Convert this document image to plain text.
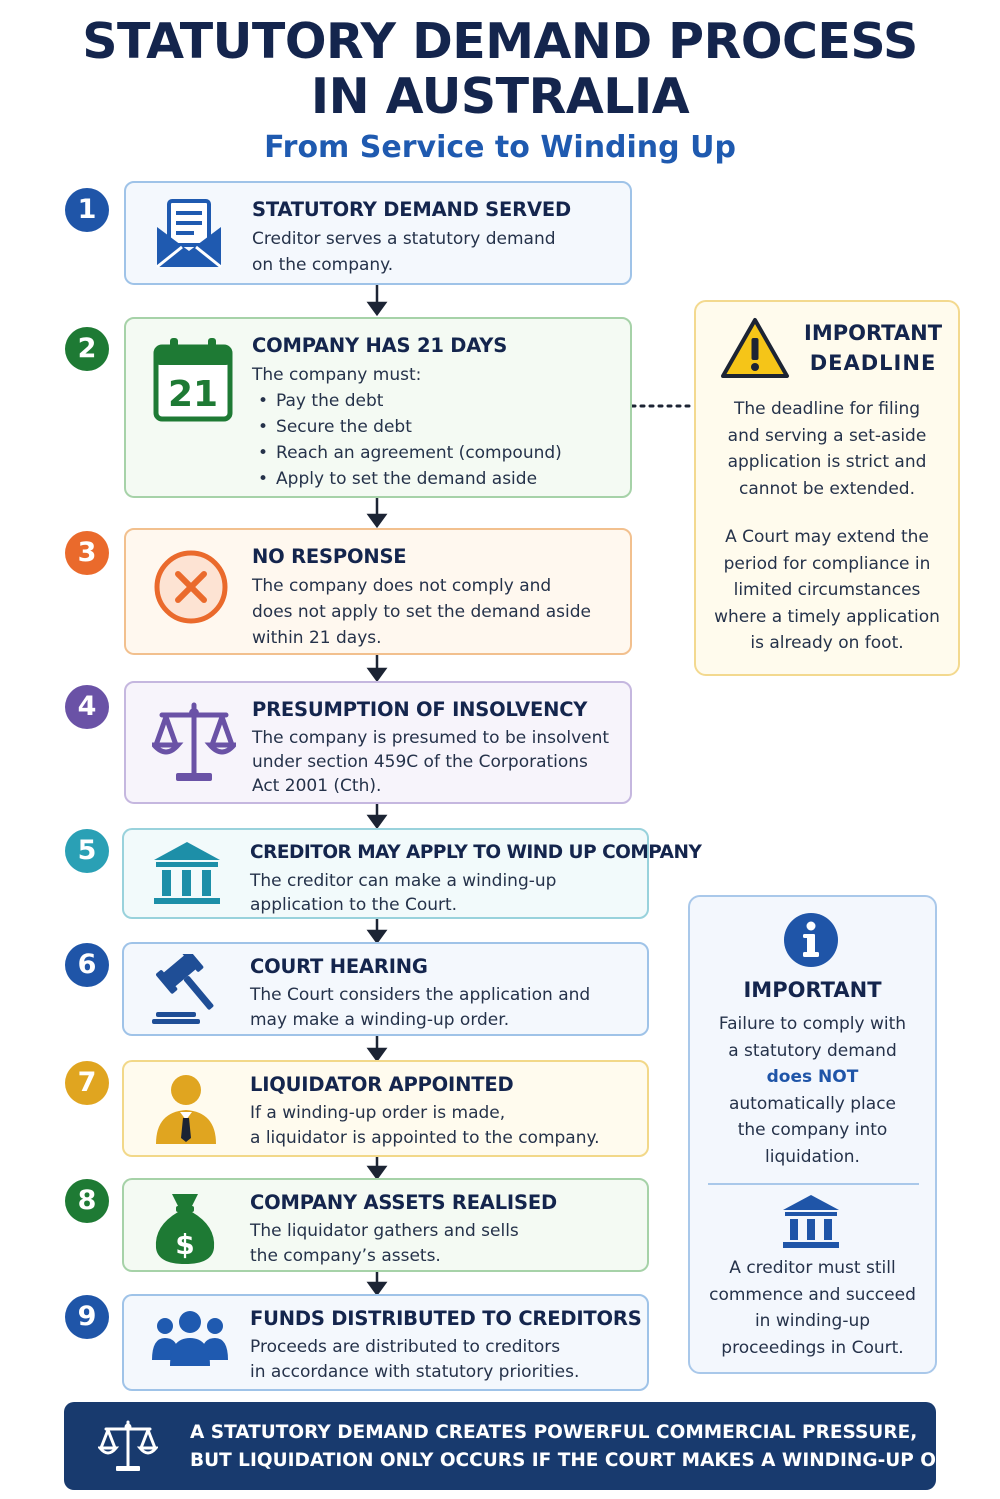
STATUTORY DEMAND PROCESS
IN AUSTRALIA
From Service to Winding Up
1	STATUTORY DEMAND SERVED

Creditor serves a statutory demand

on the company.

2
21
COMPANY HAS 21 DAYS

The company must:

• Pay the debt
• Secure the debt
• Reach an agreement (compound)
• Apply to set the demand aside
3	NO RESPONSE

The company does not comply and

does not apply to set the demand aside

within 21 days.

4	PRESUMPTION OF INSOLVENCY

The company is presumed to be insolvent

under section 459C of the Corporations

Act 2001 (Cth).

5	CREDITOR MAY APPLY TO WIND UP COMPANY

The creditor can make a winding-up

application to the Court.

6	COURT HEARING

The Court considers the application and

may make a winding-up order.

7	LIQUIDATOR APPOINTED

If a winding-up order is made,

a liquidator is appointed to the company.

8
$
COMPANY ASSETS REALISED

The liquidator gathers and sells

the company’s assets.

9	FUNDS DISTRIBUTED TO CREDITORS

Proceeds are distributed to creditors

in accordance with statutory priorities.

IMPORTANT
DEADLINE

The deadline for filing

and serving a set-aside

application is strict and

cannot be extended.

A Court may extend the

period for compliance in

limited circumstances

where a timely application

is already on foot.

IMPORTANT

Failure to comply with

a statutory demand

does NOT

automatically place

the company into

liquidation.

A creditor must still

commence and succeed

in winding-up

proceedings in Court.

A STATUTORY DEMAND CREATES POWERFUL COMMERCIAL PRESSURE,
BUT LIQUIDATION ONLY OCCURS IF THE COURT MAKES A WINDING-UP ORDER.
